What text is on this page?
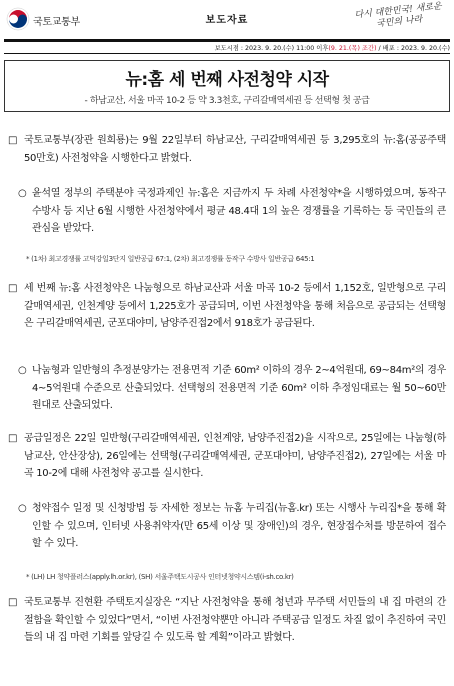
국토교통부	보도자료	다시 대한민국! 새로운 국민의 나라
보도시점 : 2023. 9. 20.(수) 11:00 이후(9. 21.(목) 조간) / 배포 : 2023. 9. 20.(수)
뉴:홈 세 번째 사전청약 시작
- 하남교산, 서울 마곡 10-2 등 약 3.3천호, 구리갈매역세권 등 선택형 첫 공급
□ 국토교통부(장관 원희룡)는 9월 22일부터 하남교산, 구리갈매역세권 등 3,295호의 뉴:홈(공공주택 50만호) 사전청약을 시행한다고 밝혔다.
○ 윤석열 정부의 주택분야 국정과제인 뉴:홈은 지금까지 두 차례 사전청약*을 시행하였으며, 동작구 수방사 등 지난 6월 시행한 사전청약에서 평균 48.4대 1의 높은 경쟁률을 기록하는 등 국민들의 큰 관심을 받았다.
* (1차) 최고경쟁률 고덕강일3단지 일반공급 67:1, (2차) 최고경쟁률 동작구 수방사 일반공급 645:1
□ 세 번째 뉴:홈 사전청약은 나눔형으로 하남교산과 서울 마곡 10-2 등에서 1,152호, 일반형으로 구리갈매역세권, 인천계양 등에서 1,225호가 공급되며, 이번 사전청약을 통해 처음으로 공급되는 선택형은 구리갈매역세권, 군포대야미, 남양주진접2에서 918호가 공급된다.
○ 나눔형과 일반형의 추정분양가는 전용면적 기준 60m² 이하의 경우 2~4억원대, 69~84m²의 경우 4~5억원대 수준으로 산출되었다. 선택형의 전용면적 기준 60m² 이하 추정임대료는 월 50~60만원대로 산출되었다.
□ 공급일정은 22일 일반형(구리갈매역세권, 인천계양, 남양주진접2)을 시작으로, 25일에는 나눔형(하남교산, 안산장상), 26일에는 선택형(구리갈매역세권, 군포대야미, 남양주진접2), 27일에는 서울 마곡 10-2에 대해 사전청약 공고를 실시한다.
○ 청약접수 일정 및 신청방법 등 자세한 정보는 뉴홈 누리집(뉴홈.kr) 또는 시행사 누리집*을 통해 확인할 수 있으며, 인터넷 사용취약자(만 65세 이상 및 장애인)의 경우, 현장접수처를 방문하여 접수할 수 있다.
* (LH) LH 청약플러스(apply.lh.or.kr), (SH) 서울주택도시공사 인터넷청약시스템(i-sh.co.kr)
□ 국토교통부 진현환 주택토지실장은 “지난 사전청약을 통해 청년과 무주택 서민들의 내 집 마련의 간절함을 확인할 수 있었다”면서, “이번 사전청약뿐만 아니라 주택공급 일정도 차질 없이 추진하여 국민들의 내 집 마련 기회를 앞당길 수 있도록 할 계획”이라고 밝혔다.
